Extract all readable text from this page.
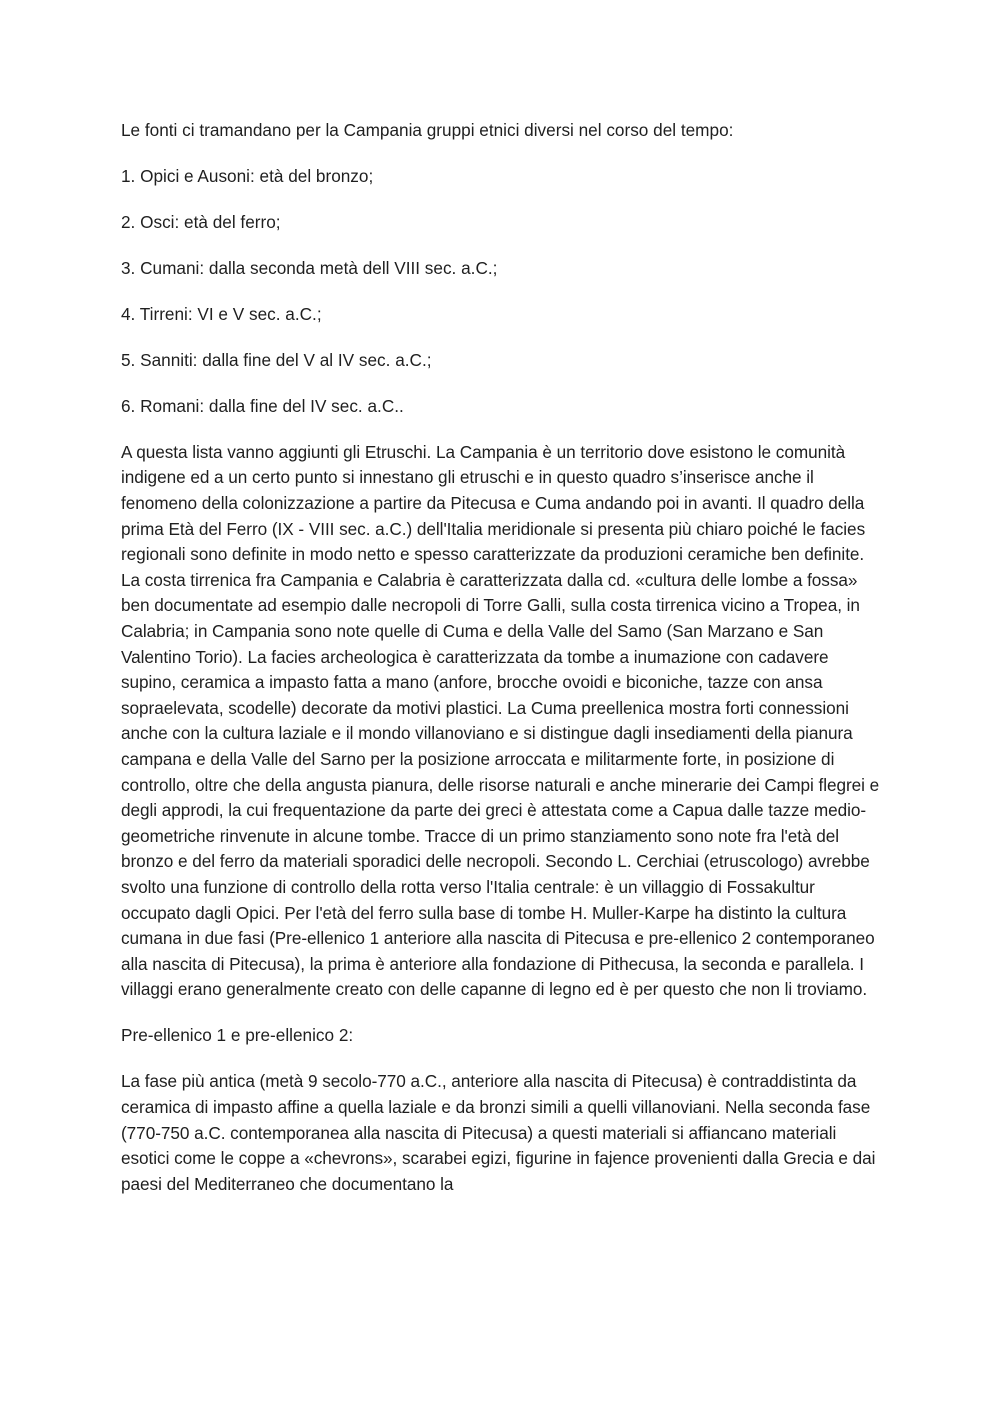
Le fonti ci tramandano per la Campania gruppi etnici diversi nel corso del tempo:

1. Opici e Ausoni: età del bronzo;

2. Osci: età del ferro;

3. Cumani: dalla seconda metà dell VIII sec. a.C.;

4. Tirreni: VI e V sec. a.C.;

5. Sanniti: dalla fine del V al IV sec. a.C.;

6. Romani: dalla fine del IV sec. a.C..

A questa lista vanno aggiunti gli Etruschi. La Campania è un territorio dove esistono le comunità indigene ed a un certo punto si innestano gli etruschi e in questo quadro s’inserisce anche il fenomeno della colonizzazione a partire da Pitecusa e Cuma andando poi in avanti. Il quadro della prima Età del Ferro (IX - VIII sec. a.C.) dell'Italia meridionale si presenta più chiaro poiché le facies regionali sono definite in modo netto e spesso caratterizzate da produzioni ceramiche ben definite. La costa tirrenica fra Campania e Calabria è caratterizzata dalla cd. «cultura delle lombe a fossa» ben documentate ad esempio dalle necropoli di Torre Galli, sulla costa tirrenica vicino a Tropea, in Calabria; in Campania sono note quelle di Cuma e della Valle del Samo (San Marzano e San Valentino Torio). La facies archeologica è caratterizzata da tombe a inumazione con cadavere supino, ceramica a impasto fatta a mano (anfore, brocche ovoidi e biconiche, tazze con ansa sopraelevata, scodelle) decorate da motivi plastici. La Cuma preellenica mostra forti connessioni anche con la cultura laziale e il mondo villanoviano e si distingue dagli insediamenti della pianura campana e della Valle del Sarno per la posizione arroccata e militarmente forte, in posizione di controllo, oltre che della angusta pianura, delle risorse naturali e anche minerarie dei Campi flegrei e degli approdi, la cui frequentazione da parte dei greci è attestata come a Capua dalle tazze medio-geometriche rinvenute in alcune tombe. Tracce di un primo stanziamento sono note fra l'età del bronzo e del ferro da materiali sporadici delle necropoli. Secondo L. Cerchiai (etruscologo) avrebbe svolto una funzione di controllo della rotta verso l'Italia centrale: è un villaggio di Fossakultur occupato dagli Opici. Per l'età del ferro sulla base di tombe H. Muller-Karpe ha distinto la cultura cumana in due fasi (Pre-ellenico 1 anteriore alla nascita di Pitecusa e pre-ellenico 2 contemporaneo alla nascita di Pitecusa), la prima è anteriore alla fondazione di Pithecusa, la seconda e parallela. I villaggi erano generalmente creato con delle capanne di legno ed è per questo che non li troviamo.

Pre-ellenico 1 e pre-ellenico 2:

La fase più antica (metà 9 secolo-770 a.C., anteriore alla nascita di Pitecusa) è contraddistinta da ceramica di impasto affine a quella laziale e da bronzi simili a quelli villanoviani. Nella seconda fase (770-750 a.C. contemporanea alla nascita di Pitecusa) a questi materiali si affiancano materiali esotici come le coppe a «chevrons», scarabei egizi, figurine in fajence provenienti dalla Grecia e dai paesi del Mediterraneo che documentano la
